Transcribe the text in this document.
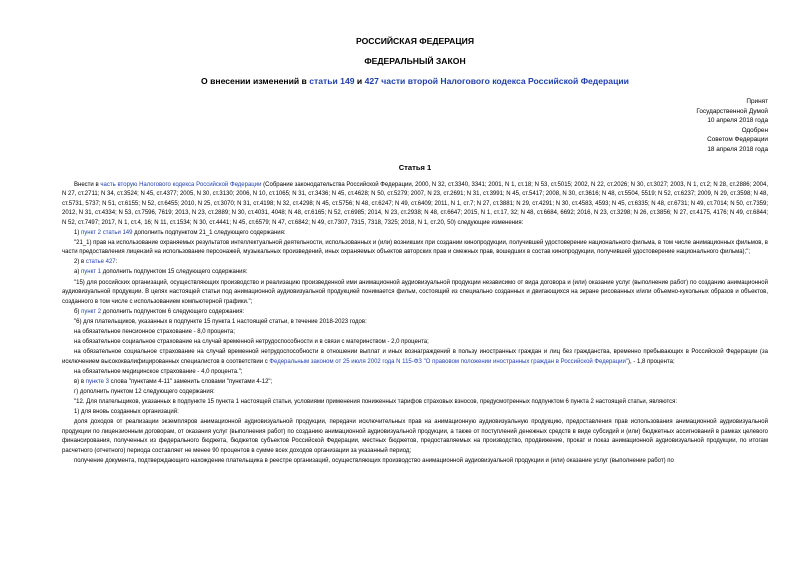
РОССИЙСКАЯ ФЕДЕРАЦИЯ
ФЕДЕРАЛЬНЫЙ ЗАКОН
О внесении изменений в статьи 149 и 427 части второй Налогового кодекса Российской Федерации
Принят
Государственной Думой
10 апреля 2018 года
Одобрен
Советом Федерации
18 апреля 2018 года
Статья 1

Внести в часть вторую Налогового кодекса Российской Федерации (Собрание законодательства Российской Федерации, 2000, N 32, ст.3340, 3341; 2001, N 1, ст.18; N 53, ст.5015; 2002, N 22, ст.2026; N 30, ст.3027; 2003, N 1, ст.2; N 28, ст.2886; 2004, N 27, ст.2711; N 34, ст.3524; N 45, ст.4377; 2005, N 30, ст.3130; 2006, N 10, ст.1065; N 31, ст.3436; N 45, ст.4628; N 50, ст.5279; 2007, N 23, ст.2691; N 31, ст.3991; N 45, ст.5417; 2008, N 30, ст.3616; N 48, ст.5504, 5519; N 52, ст.6237; 2009, N 29, ст.3598; N 48, ст.5731, 5737; N 51, ст.6155; N 52, ст.6455; 2010, N 25, ст.3070; N 31, ст.4198; N 32, ст.4298; N 45, ст.5756; N 48, ст.6247; N 49, ст.6409; 2011, N 1, ст.7; N 27, ст.3881; N 29, ст.4291; N 30, ст.4583, 4593; N 45, ст.6335; N 48, ст.6731; N 49, ст.7014; N 50, ст.7359; 2012, N 31, ст.4334; N 53, ст.7596, 7619; 2013, N 23, ст.2889; N 30, ст.4031, 4048; N 48, ст.6165; N 52, ст.6985; 2014, N 23, ст.2938; N 48, ст.6647; 2015, N 1, ст.17, 32; N 48, ст.6684, 6692; 2016, N 23, ст.3298; N 26, ст.3856; N 27, ст.4175, 4176; N 49, ст.6844; N 52, ст.7497; 2017, N 1, ст.4, 16; N 11, ст.1534; N 30, ст.4441; N 45, ст.6579; N 47, ст.6842; N 49, ст.7307, 7315, 7318, 7325; 2018, N 1, ст.20, 50) следующие изменения:

1) пункт 2 статьи 149 дополнить подпунктом 21_1 следующего содержания:

"21_1) прав на использование охраняемых результатов интеллектуальной деятельности, использованных и (или) возникших при создании кинопродукции, получившей удостоверение национального фильма, в том числе анимационных фильмов, в части предоставления лицензий на использование персонажей, музыкальных произведений, иных охраняемых объектов авторских прав и смежных прав, вошедших в состав кинопродукции, получившей удостоверение национального фильма);";

2) в статье 427:

а) пункт 1 дополнить подпунктом 15 следующего содержания:

"15) для российских организаций, осуществляющих производство и реализацию произведенной ими анимационной аудиовизуальной продукции независимо от вида договора и (или) оказание услуг (выполнение работ) по созданию анимационной аудиовизуальной продукции. В целях настоящей статьи под анимационной аудиовизуальной продукцией понимается фильм, состоящий из специально созданных и двигающихся на экране рисованных и/или объемно-кукольных образов и объектов, созданного в том числе с использованием компьютерной графики.";

б) пункт 2 дополнить подпунктом 6 следующего содержания:

"6) для плательщиков, указанных в подпункте 15 пункта 1 настоящей статьи, в течение 2018-2023 годов:

на обязательное пенсионное страхование - 8,0 процента;

на обязательное социальное страхование на случай временной нетрудоспособности и в связи с материнством - 2,0 процента;

на обязательное социальное страхование на случай временной нетрудоспособности в отношении выплат и иных вознаграждений в пользу иностранных граждан и лиц без гражданства, временно пребывающих в Российской Федерации (за исключением высококвалифицированных специалистов в соответствии с Федеральным законом от 25 июля 2002 года N 115-ФЗ "О правовом положении иностранных граждан в Российской Федерации"), - 1,8 процента;

на обязательное медицинское страхование - 4,0 процента.";

в) в пункте 3 слова "пунктами 4-11" заменить словами "пунктами 4-12";

г) дополнить пунктом 12 следующего содержания:

"12. Для плательщиков, указанных в подпункте 15 пункта 1 настоящей статьи, условиями применения пониженных тарифов страховых взносов, предусмотренных подпунктом 6 пункта 2 настоящей статьи, являются:

1) для вновь созданных организаций:

доля доходов от реализации экземпляров анимационной аудиовизуальной продукции, передачи исключительных прав на анимационную аудиовизуальную продукцию, предоставления прав использования анимационной аудиовизуальной продукции по лицензионным договорам, от оказания услуг (выполнения работ) по созданию анимационной аудиовизуальной продукции, а также от поступлений денежных средств в виде субсидий и (или) бюджетных ассигнований в рамках целевого финансирования, полученных из федерального бюджета, бюджетов субъектов Российской Федерации, местных бюджетов, предоставляемых на производство, продвижение, прокат и показ анимационной аудиовизуальной продукции, по итогам расчетного (отчетного) периода составляет не менее 90 процентов в сумме всех доходов организации за указанный период;

получение документа, подтверждающего нахождение плательщика в реестре организаций, осуществляющих производство анимационной аудиовизуальной продукции и (или) оказание услуг (выполнение работ) по
